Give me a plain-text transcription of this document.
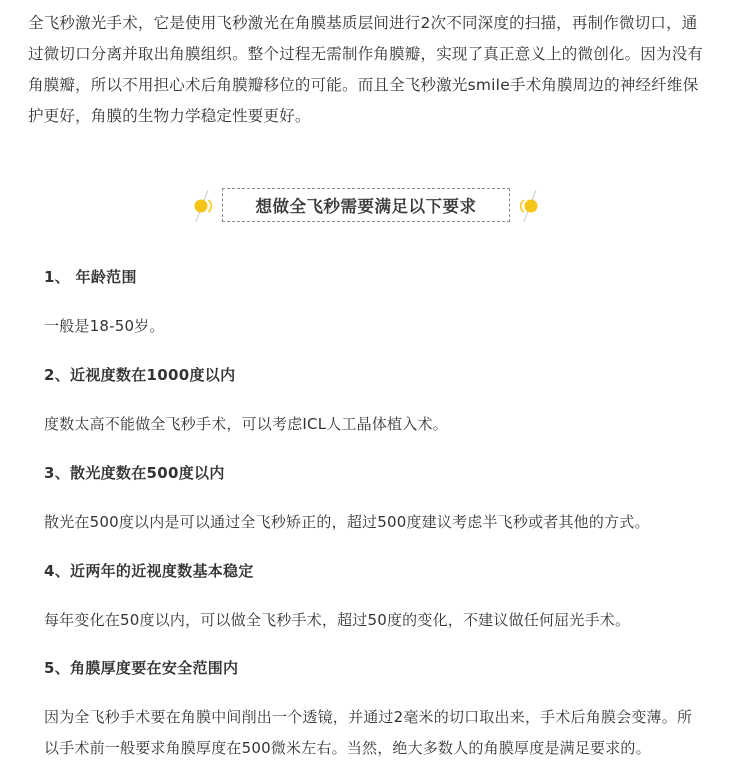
全飞秒激光手术，它是使用飞秒激光在角膜基质层间进行2次不同深度的扫描，再制作微切口，通过微切口分离并取出角膜组织。整个过程无需制作角膜瓣，实现了真正意义上的微创化。因为没有角膜瓣，所以不用担心术后角膜瓣移位的可能。而且全飞秒激光smile手术角膜周边的神经纤维保护更好，角膜的生物力学稳定性要更好。

想做全飞秒需要满足以下要求
1、 年龄范围

一般是18-50岁。

2、近视度数在1000度以内

度数太高不能做全飞秒手术，可以考虑ICL人工晶体植入术。

3、散光度数在500度以内

散光在500度以内是可以通过全飞秒矫正的，超过500度建议考虑半飞秒或者其他的方式。

4、近两年的近视度数基本稳定

每年变化在50度以内，可以做全飞秒手术，超过50度的变化，不建议做任何屈光手术。

5、角膜厚度要在安全范围内

因为全飞秒手术要在角膜中间削出一个透镜，并通过2毫米的切口取出来，手术后角膜会变薄。所以手术前一般要求角膜厚度在500微米左右。当然，绝大多数人的角膜厚度是满足要求的。
